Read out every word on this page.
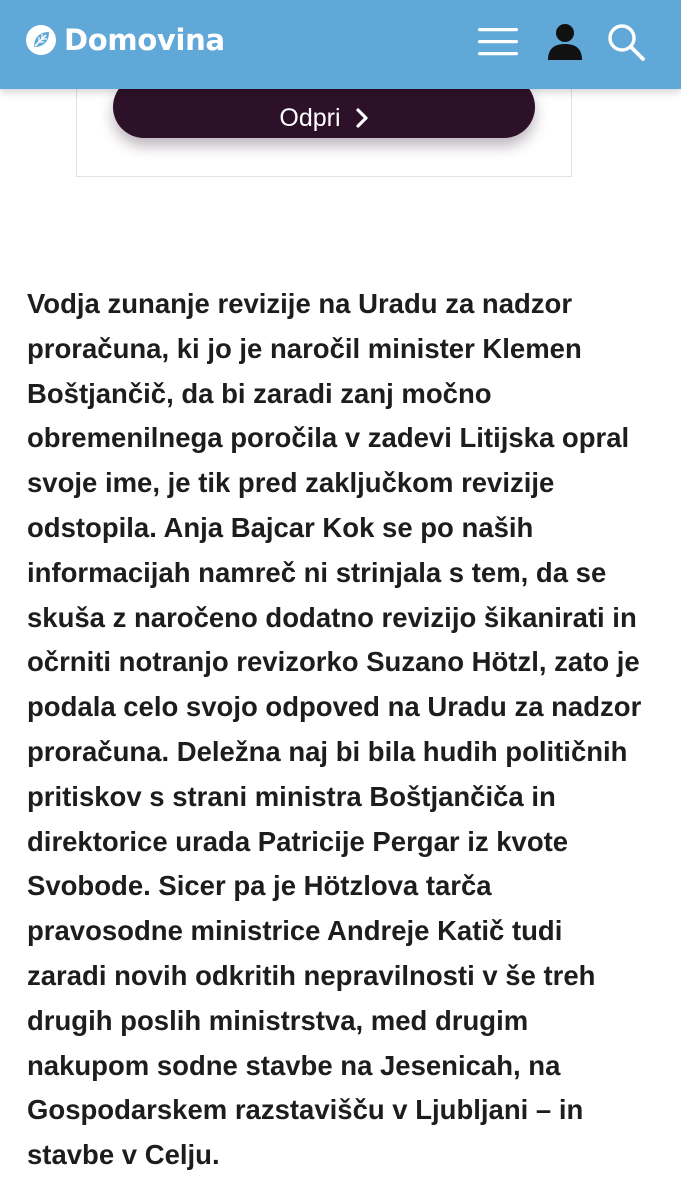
Domovina
Odpri

Vodja zunanje revizije na Uradu za nadzor
proračuna, ki jo je naročil minister Klemen
Boštjančič, da bi zaradi zanj močno
obremenilnega poročila v zadevi Litijska opral
svoje ime, je tik pred zaključkom revizije
odstopila. Anja Bajcar Kok se po naših
informacijah namreč ni strinjala s tem, da se
skuša z naročeno dodatno revizijo šikanirati in
očrniti notranjo revizorko Suzano Hötzl, zato je
podala celo svojo odpoved na Uradu za nadzor
proračuna. Deležna naj bi bila hudih političnih
pritiskov s strani ministra Boštjančiča in
direktorice urada Patricije Pergar iz kvote
Svobode. Sicer pa je Hötzlova tarča
pravosodne ministrice Andreje Katič tudi
zaradi novih odkritih nepravilnosti v še treh
drugih poslih ministrstva, med drugim
nakupom sodne stavbe na Jesenicah, na
Gospodarskem razstavišču v Ljubljani – in
stavbe v Celju.
